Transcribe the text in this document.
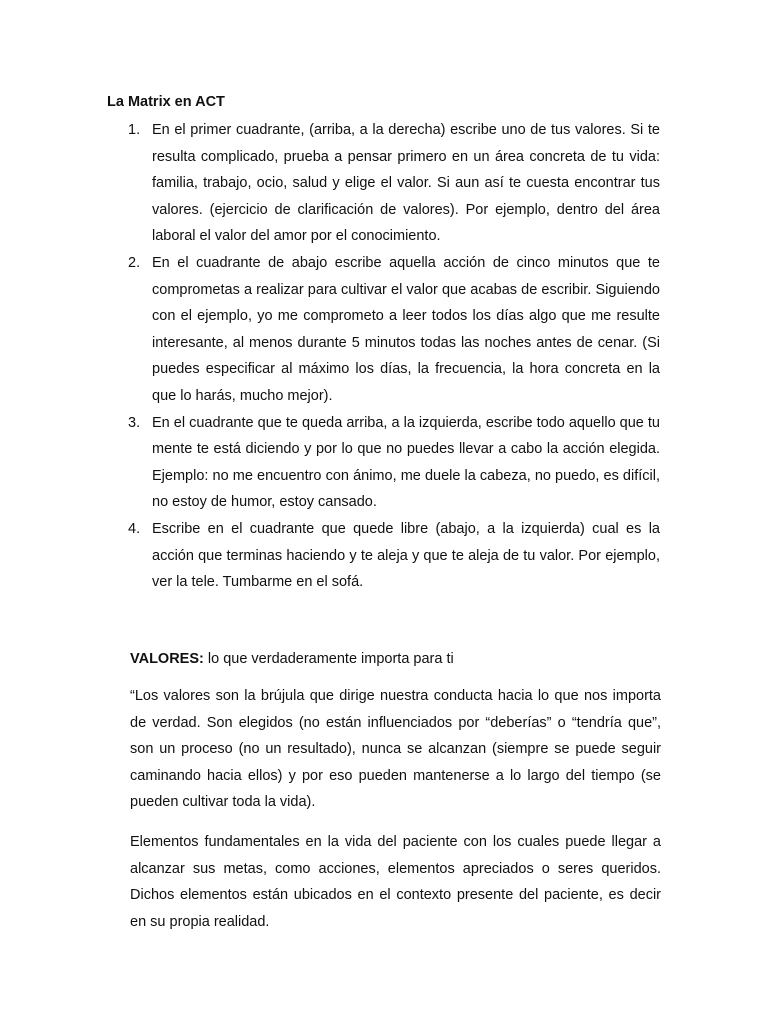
La Matrix en ACT
1. En el primer cuadrante, (arriba, a la derecha) escribe uno de tus valores. Si te resulta complicado, prueba a pensar primero en un área concreta de tu vida: familia, trabajo, ocio, salud y elige el valor. Si aun así te cuesta encontrar tus valores. (ejercicio de clarificación de valores). Por ejemplo, dentro del área laboral el valor del amor por el conocimiento.
2. En el cuadrante de abajo escribe aquella acción de cinco minutos que te comprometas a realizar para cultivar el valor que acabas de escribir. Siguiendo con el ejemplo, yo me comprometo a leer todos los días algo que me resulte interesante, al menos durante 5 minutos todas las noches antes de cenar. (Si puedes especificar al máximo los días, la frecuencia, la hora concreta en la que lo harás, mucho mejor).
3. En el cuadrante que te queda arriba, a la izquierda, escribe todo aquello que tu mente te está diciendo y por lo que no puedes llevar a cabo la acción elegida. Ejemplo: no me encuentro con ánimo, me duele la cabeza, no puedo, es difícil, no estoy de humor, estoy cansado.
4. Escribe en el cuadrante que quede libre (abajo, a la izquierda) cual es la acción que terminas haciendo y te aleja y que te aleja de tu valor. Por ejemplo, ver la tele. Tumbarme en el sofá.

VALORES: lo que verdaderamente importa para ti

“Los valores son la brújula que dirige nuestra conducta hacia lo que nos importa de verdad. Son elegidos (no están influenciados por “deberías” o “tendría que”, son un proceso (no un resultado), nunca se alcanzan (siempre se puede seguir caminando hacia ellos) y por eso pueden mantenerse a lo largo del tiempo (se pueden cultivar toda la vida).

Elementos fundamentales en la vida del paciente con los cuales puede llegar a alcanzar sus metas, como acciones, elementos apreciados o seres queridos. Dichos elementos están ubicados en el contexto presente del paciente, es decir en su propia realidad.
